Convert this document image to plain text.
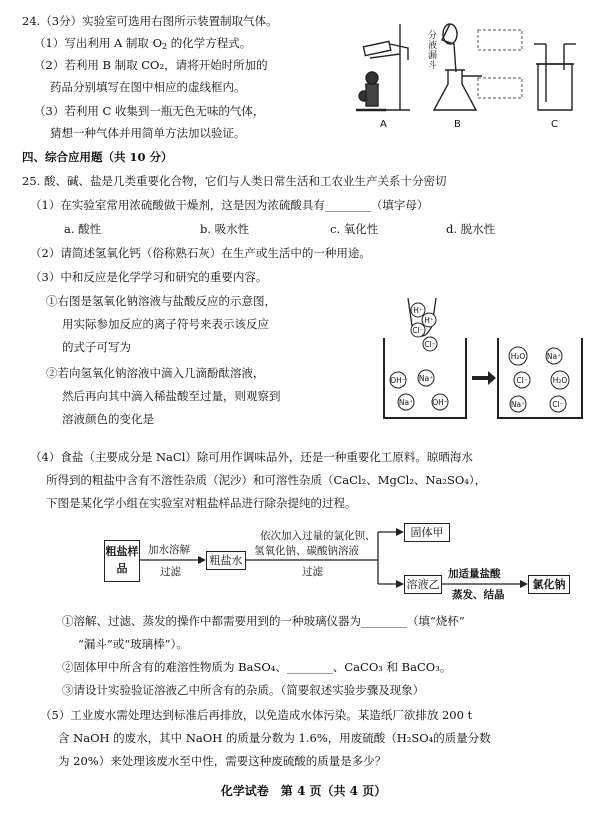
24.（3分）实验室可选用右图所示装置制取气体。
（1）写出利用 A 制取 $O_2$ 的化学方程式。
（2）若利用 B 制取 CO₂，请将开始时所加的
药品分别填写在图中相应的虚线框内。
（3）若利用 C 收集到一瓶无色无味的气体，
猜想一种气体并用简单方法加以验证。
A	B
分
液
漏
斗
C
四、综合应用题（共 10 分）
25. 酸、碱、盐是几类重要化合物，它们与人类日常生活和工农业生产关系十分密切
（1）在实验室常用浓硫酸做干燥剂，这是因为浓硫酸具有________（填字母）
a. 酸性	b. 吸水性	c. 氧化性	d. 脱水性
（2）请简述氢氧化钙（俗称熟石灰）在生产或生活中的一种用途。
（3）中和反应是化学学习和研究的重要内容。
①右图是氢氧化钠溶液与盐酸反应的示意图，
用实际参加反应的离子符号来表示该反应
的式子可写为
②若向氢氧化钠溶液中滴入几滴酚酞溶液，
然后再向其中滴入稀盐酸至过量，则观察到
溶液颜色的变化是
H⁺
H⁺
Cl⁻
Cl⁻
OH⁻ Na⁺
Na⁺	OH⁻
H₂O	Na⁺
Cl⁻	H₂O
Na⁺	Cl⁻
（4）食盐（主要成分是 NaCl）除可用作调味品外，还是一种重要化工原料。晾晒海水
所得到的粗盐中含有不溶性杂质（泥沙）和可溶性杂质（CaCl₂、MgCl₂、Na₂SO₄），
下图是某化学小组在实验室对粗盐样品进行除杂提纯的过程。
粗盐样品
加水溶解
过滤
粗盐水
依次加入过量的氯化钡、
氢氧化钠、碳酸钠溶液
过滤
固体甲
溶液乙
加适量盐酸
蒸发、结晶
氯化钠
①溶解、过滤、蒸发的操作中都需要用到的一种玻璃仪器为________（填“烧杯”
“漏斗”或“玻璃棒”）。
②固体甲中所含有的难溶性物质为 BaSO₄、________、CaCO₃ 和 BaCO₃。
③请设计实验验证溶液乙中所含有的杂质。（简要叙述实验步骤及现象）
（5）工业废水需处理达到标准后再排放，以免造成水体污染。某造纸厂欲排放 200 t
含 NaOH 的废水，其中 NaOH 的质量分数为 1.6%，用废硫酸（H₂SO₄的质量分数
为 20%）来处理该废水至中性，需要这种废硫酸的质量是多少？
化学试卷　第 4 页（共 4 页）
